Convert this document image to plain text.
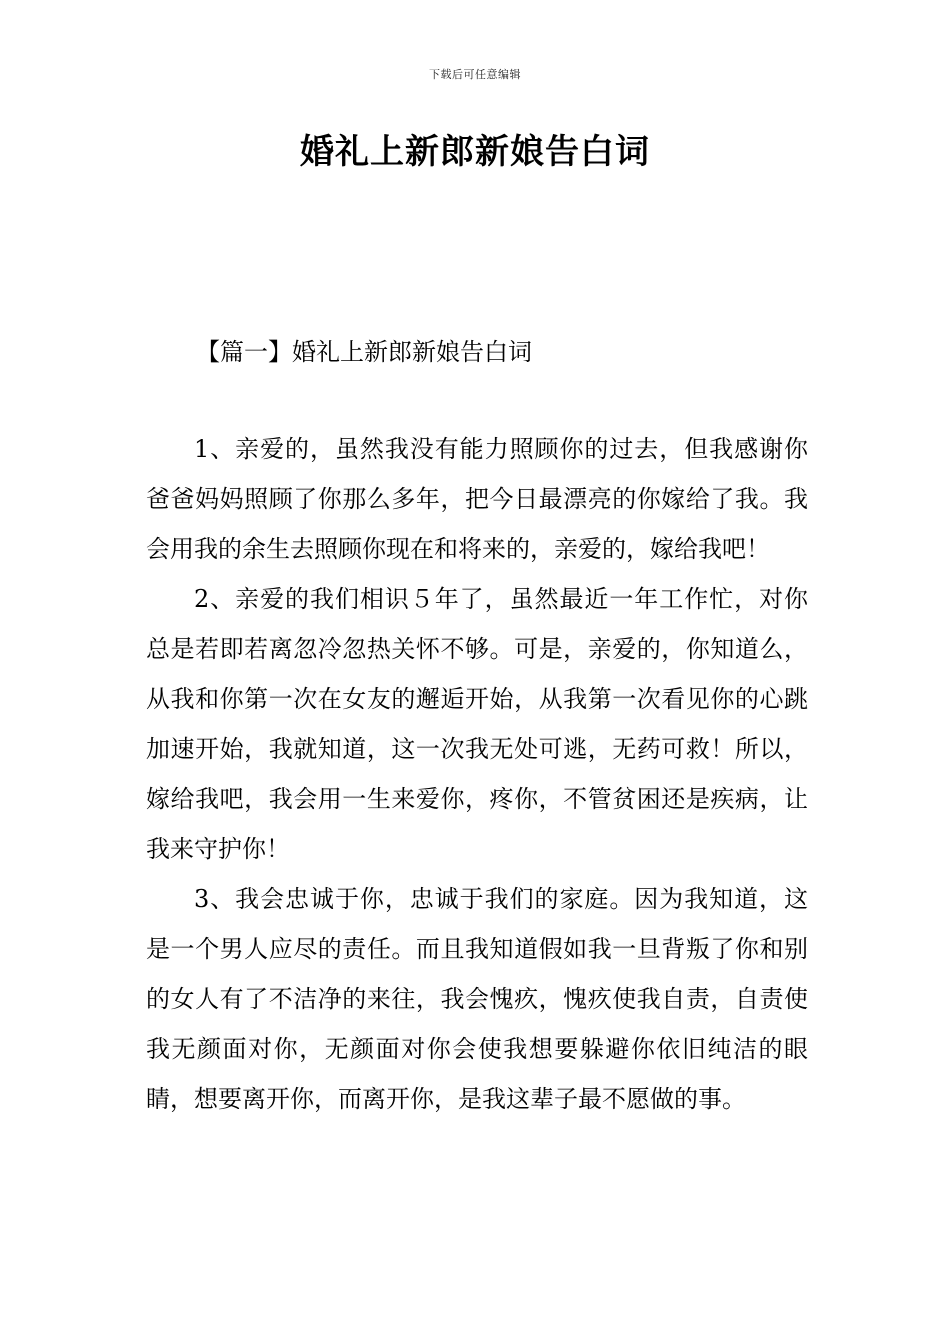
下载后可任意编辑
婚礼上新郎新娘告白词
【篇一】婚礼上新郎新娘告白词

1、亲爱的，虽然我没有能力照顾你的过去，但我感谢你爸爸妈妈照顾了你那么多年，把今日最漂亮的你嫁给了我。我会用我的余生去照顾你现在和将来的，亲爱的，嫁给我吧！

2、亲爱的我们相识５年了，虽然最近一年工作忙，对你总是若即若离忽冷忽热关怀不够。可是，亲爱的，你知道么，从我和你第一次在女友的邂逅开始，从我第一次看见你的心跳加速开始，我就知道，这一次我无处可逃，无药可救！所以，嫁给我吧，我会用一生来爱你，疼你，不管贫困还是疾病，让我来守护你！

3、我会忠诚于你，忠诚于我们的家庭。因为我知道，这是一个男人应尽的责任。而且我知道假如我一旦背叛了你和别的女人有了不洁净的来往，我会愧疚，愧疚使我自责，自责使我无颜面对你，无颜面对你会使我想要躲避你依旧纯洁的眼睛，想要离开你，而离开你，是我这辈子最不愿做的事。
